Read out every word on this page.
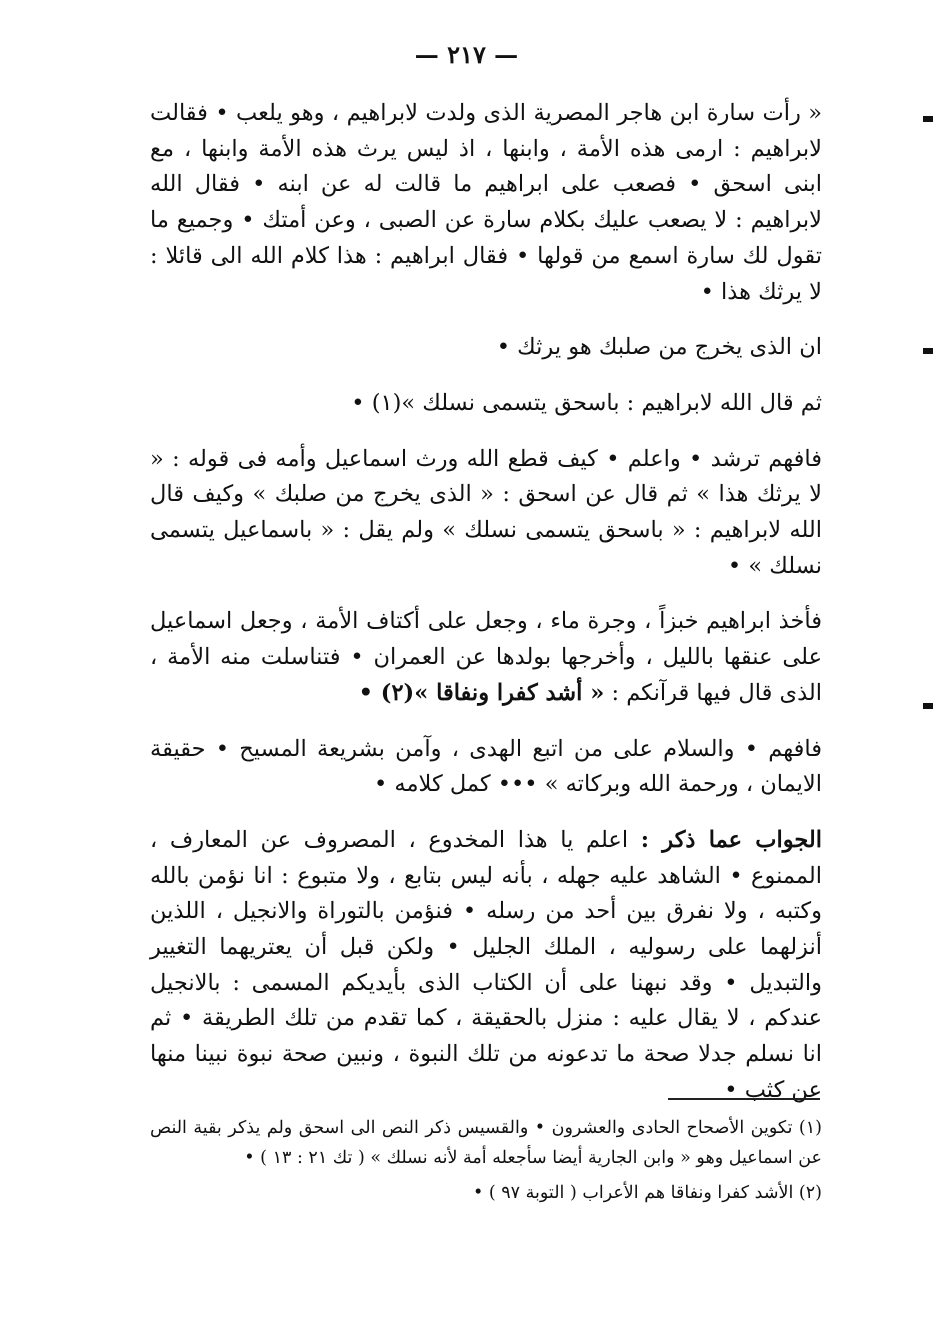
— ٢١٧ —

« رأت سارة ابن هاجر المصرية الذى ولدت لابراهيم ، وهو يلعب • فقالت لابراهيم : ارمى هذه الأمة ، وابنها ، اذ ليس يرث هذه الأمة وابنها ، مع ابنى اسحق • فصعب على ابراهيم ما قالت له عن ابنه • فقال الله لابراهيم : لا يصعب عليك بكلام سارة عن الصبى ، وعن أمتك • وجميع ما تقول لك سارة اسمع من قولها • فقال ابراهيم : هذا كلام الله الى قائلا : لا يرثك هذا •

ان الذى يخرج من صلبك هو يرثك •

ثم قال الله لابراهيم : باسحق يتسمى نسلك »(١) •

فافهم ترشد • واعلم • كيف قطع الله ورث اسماعيل وأمه فى قوله : « لا يرثك هذا » ثم قال عن اسحق : « الذى يخرج من صلبك » وكيف قال الله لابراهيم : « باسحق يتسمى نسلك » ولم يقل : « باسماعيل يتسمى نسلك » •

فأخذ ابراهيم خبزاً ، وجرة ماء ، وجعل على أكتاف الأمة ، وجعل اسماعيل على عنقها بالليل ، وأخرجها بولدها عن العمران • فتناسلت منه الأمة ، الذى قال فيها قرآنكم : « أشد كفرا ونفاقا »(٢) •

فافهم • والسلام على من اتبع الهدى ، وآمن بشريعة المسيح • حقيقة الايمان ، ورحمة الله وبركاته » ••• كمل كلامه •

الجواب عما ذكر : اعلم يا هذا المخدوع ، المصروف عن المعارف ، الممنوع • الشاهد عليه جهله ، بأنه ليس بتابع ، ولا متبوع : انا نؤمن بالله وكتبه ، ولا نفرق بين أحد من رسله • فنؤمن بالتوراة والانجيل ، اللذين أنزلهما على رسوليه ، الملك الجليل • ولكن قبل أن يعتريهما التغيير والتبديل • وقد نبهنا على أن الكتاب الذى بأيديكم المسمى : بالانجيل عندكم ، لا يقال عليه : منزل بالحقيقة ، كما تقدم من تلك الطريقة • ثم انا نسلم جدلا صحة ما تدعونه من تلك النبوة ، ونبين صحة نبوة نبينا منها عن كثب •

(١) تكوين الأصحاح الحادى والعشرون • والقسيس ذكر النص الى اسحق ولم يذكر بقية النص عن اسماعيل وهو « وابن الجارية أيضا سأجعله أمة لأنه نسلك » ( تك ٢١ : ١٣ ) •

(٢) الأشد كفرا ونفاقا هم الأعراب ( التوبة ٩٧ ) •
